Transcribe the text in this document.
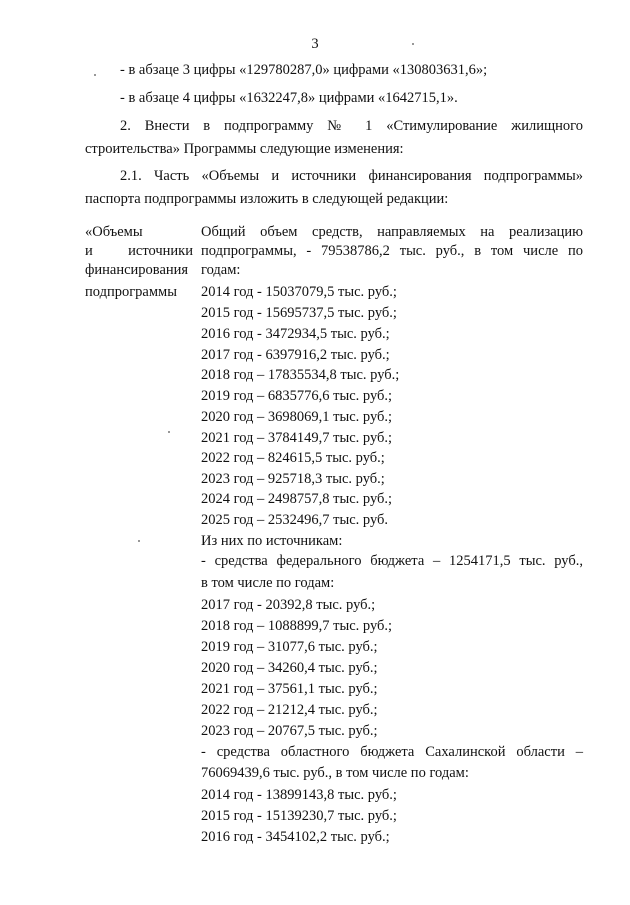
3
- в абзаце 3 цифры «129780287,0» цифрами «130803631,6»;
- в абзаце 4 цифры «1632247,8» цифрами «1642715,1».
2. Внести в подпрограмму № 1 «Стимулирование жилищного
строительства» Программы следующие изменения:
2.1. Часть «Объемы и источники финансирования подпрограммы»
паспорта подпрограммы изложить в следующей редакции:
«Объемы
и источники
финансирования
подпрограммы
Общий объем средств, направляемых на реализацию
подпрограммы, - 79538786,2 тыс. руб., в том числе по
годам:
2014 год - 15037079,5 тыс. руб.;
2015 год - 15695737,5 тыс. руб.;
2016 год - 3472934,5 тыс. руб.;
2017 год - 6397916,2 тыс. руб.;
2018 год – 17835534,8 тыс. руб.;
2019 год – 6835776,6 тыс. руб.;
2020 год – 3698069,1 тыс. руб.;
2021 год – 3784149,7 тыс. руб.;
2022 год – 824615,5 тыс. руб.;
2023 год – 925718,3 тыс. руб.;
2024 год – 2498757,8 тыс. руб.;
2025 год – 2532496,7 тыс. руб.
Из них по источникам:
- средства федерального бюджета – 1254171,5 тыс. руб.,
в том числе по годам:
2017 год - 20392,8 тыс. руб.;
2018 год – 1088899,7 тыс. руб.;
2019 год – 31077,6 тыс. руб.;
2020 год – 34260,4 тыс. руб.;
2021 год – 37561,1 тыс. руб.;
2022 год – 21212,4 тыс. руб.;
2023 год – 20767,5 тыс. руб.;
- средства областного бюджета Сахалинской области –
76069439,6 тыс. руб., в том числе по годам:
2014 год - 13899143,8 тыс. руб.;
2015 год - 15139230,7 тыс. руб.;
2016 год - 3454102,2 тыс. руб.;
